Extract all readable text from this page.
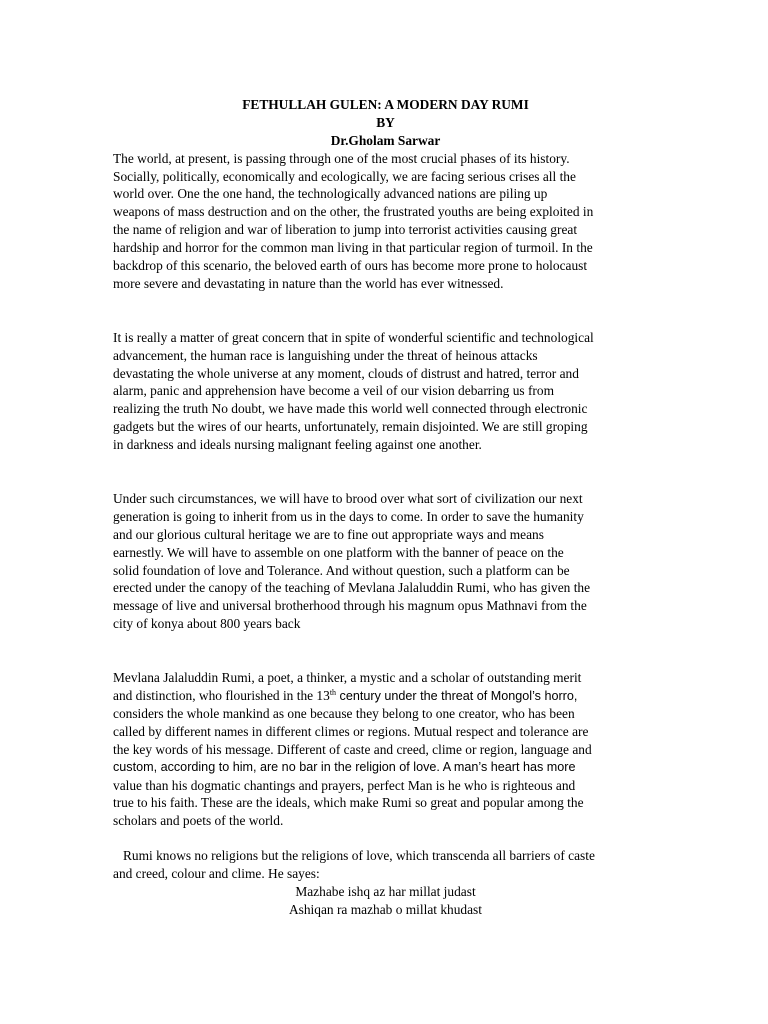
FETHULLAH GULEN: A MODERN DAY RUMI
BY
Dr.Gholam Sarwar

The world, at present, is passing through one of the most crucial phases of its history.
Socially, politically, economically and ecologically, we are facing serious crises all the
world over. One the one hand, the technologically advanced nations are piling up
weapons of mass destruction and on the other, the frustrated youths are being exploited in
the name of religion and war of liberation to jump into terrorist activities causing great
hardship and horror for the common man living in that particular region of turmoil. In the
backdrop of this scenario, the beloved earth of ours has become more prone to holocaust
more severe and devastating in nature than the world has ever witnessed.

It is really a matter of great concern that in spite of wonderful scientific and technological
advancement, the human race is languishing under the threat of heinous attacks
devastating the whole universe at any moment, clouds of distrust and hatred, terror and
alarm, panic and apprehension have become a veil of our vision debarring us from
realizing the truth No doubt, we have made this world well connected through electronic
gadgets but the wires of our hearts, unfortunately, remain disjointed. We are still groping
in darkness and ideals nursing malignant feeling against one another.

Under such circumstances, we will have to brood over what sort of civilization our next
generation is going to inherit from us in the days to come. In order to save the humanity
and our glorious cultural heritage we are to fine out appropriate ways and means
earnestly. We will have to assemble on one platform with the banner of peace on the
solid foundation of love and Tolerance. And without question, such a platform can be
erected under the canopy of the teaching of Mevlana Jalaluddin Rumi, who has given the
message of live and universal brotherhood through his magnum opus Mathnavi from the
city of konya about 800 years back

Mevlana Jalaluddin Rumi, a poet, a thinker, a mystic and a scholar of outstanding merit
and distinction, who flourished in the 13th century under the threat of Mongol’s horro,
considers the whole mankind as one because they belong to one creator, who has been
called by different names in different climes or regions. Mutual respect and tolerance are
the key words of his message. Different of caste and creed, clime or region, language and
custom, according to him, are no bar in the religion of love. A man’s heart has more
value than his dogmatic chantings and prayers, perfect Man is he who is righteous and
true to his faith. These are the ideals, which make Rumi so great and popular among the
scholars and poets of the world.

Rumi knows no religions but the religions of love, which transcenda all barriers of caste
and creed, colour and clime. He sayes:

Mazhabe ishq az har millat judast
Ashiqan ra mazhab o millat khudast
